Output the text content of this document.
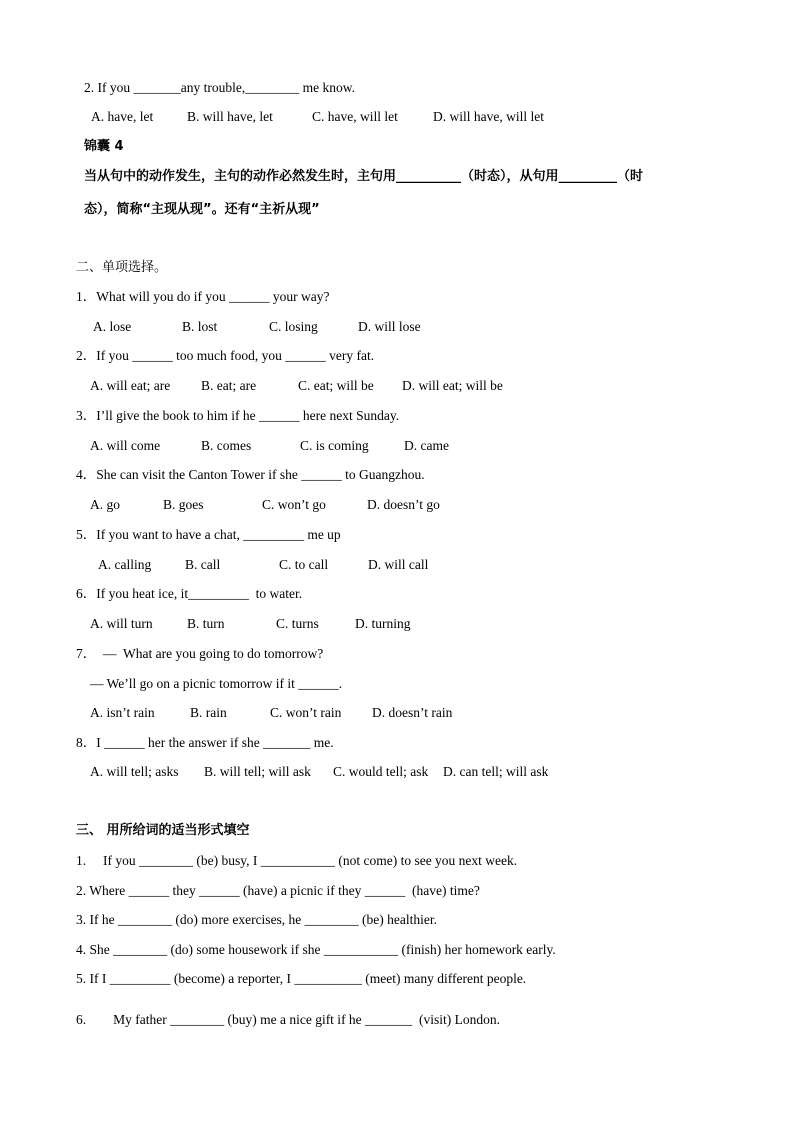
2. If you _______any trouble,________ me know.
A. have, let	B. will have, let	C. have, will let	D. will have, will let
锦囊 4
当从句中的动作发生，主句的动作必然发生时，主句用__________（时态），从句用_________（时
态），简称“主现从现”。还有“主祈从现”
二、单项选择。
1．What will you do if you ______ your way?
A. lose	B. lost	C. losing	D. will lose
2．If you ______ too much food, you ______ very fat.
A. will eat; are B. eat; are	C. eat; will be D. will eat; will be
3．I’ll give the book to him if he ______ here next Sunday.
A. will come	B. comes	C. is coming	D. came
4．She can visit the Canton Tower if she ______ to Guangzhou.
A. go	B. goes	C. won’t go	D. doesn’t go
5．If you want to have a chat, _________ me up
A. calling	B. call	C. to call	D. will call
6．If you heat ice, it_________  to water.
A. will turn	B. turn	C. turns	D. turning
7．  —  What are you going to do tomorrow?
— We’ll go on a picnic tomorrow if it ______.
A. isn’t rain	B. rain	C. won’t rain D. doesn’t rain
8．I ______ her the answer if she _______ me.
A. will tell; asks B. will tell; will ask C. would tell; ask D. can tell; will ask
三、 用所给词的适当形式填空
1.     If you ________ (be) busy, I ___________ (not come) to see you next week.
2. Where ______ they ______ (have) a picnic if they ______  (have) time?
3. If he ________ (do) more exercises, he ________ (be) healthier.
4. She ________ (do) some housework if she ___________ (finish) her homework early.
5. If I _________ (become) a reporter, I __________ (meet) many different people.
6.        My father ________ (buy) me a nice gift if he _______  (visit) London.
